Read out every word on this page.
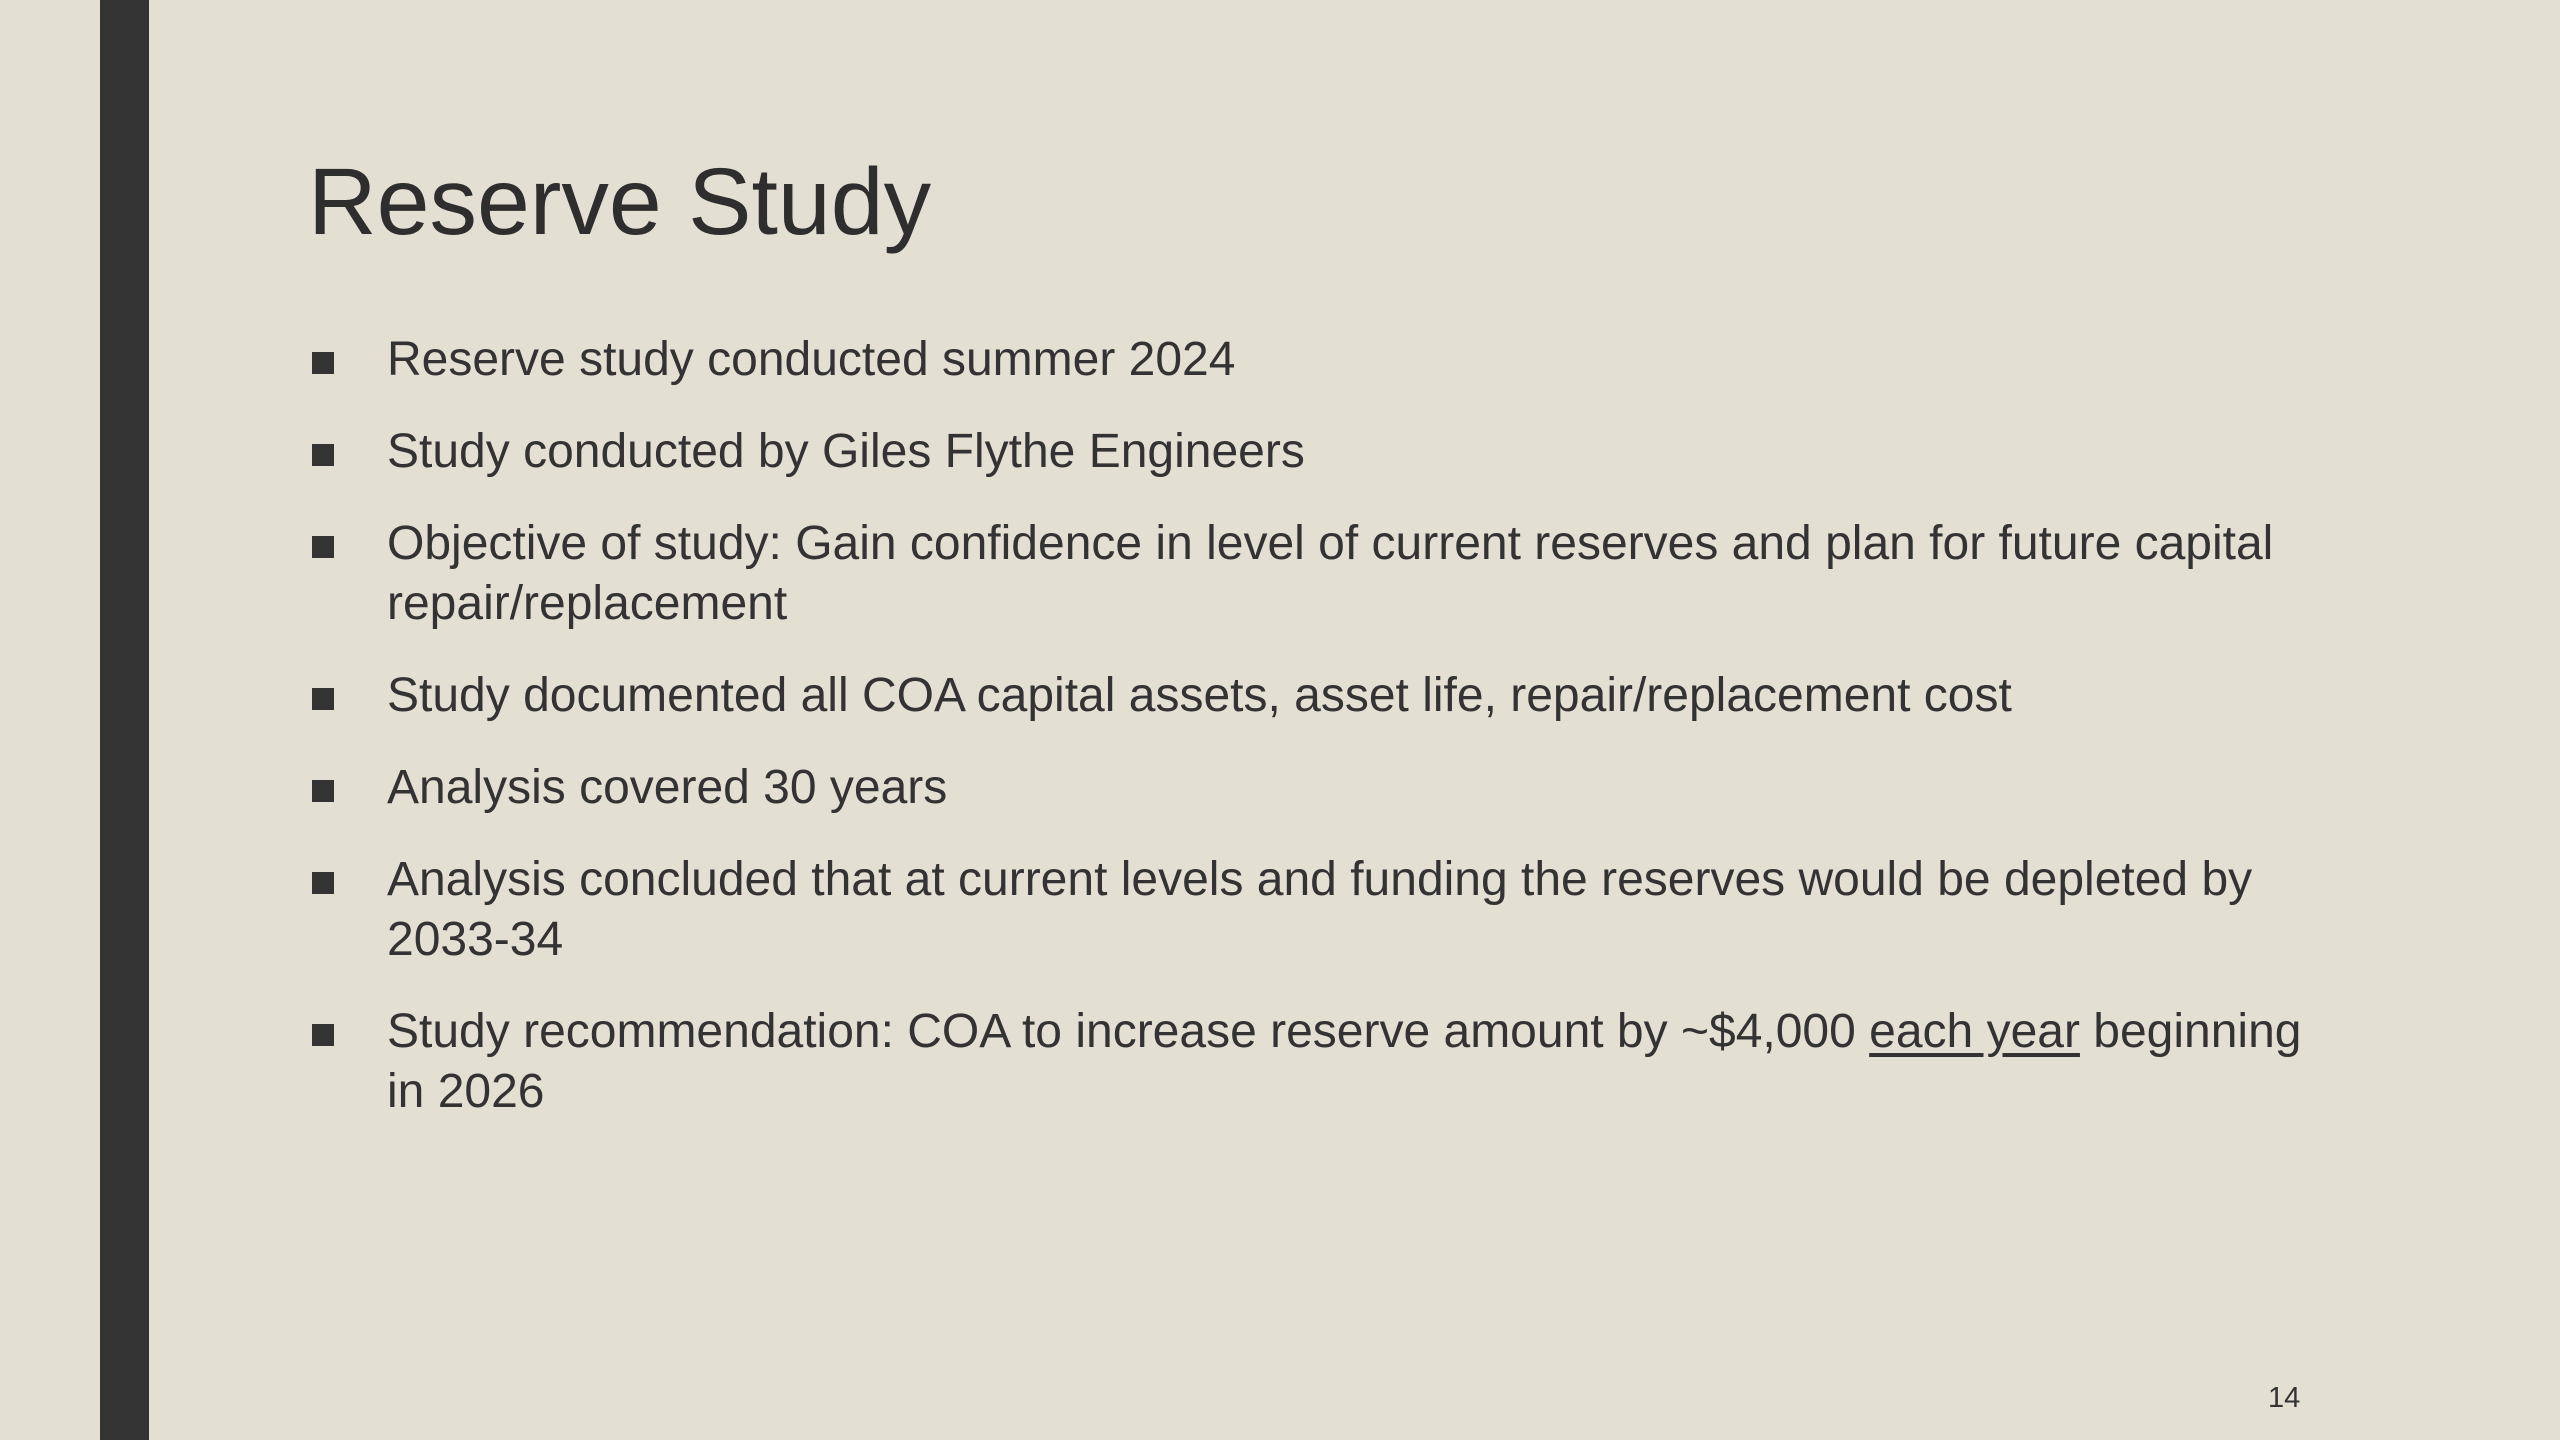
Reserve Study
Reserve study conducted summer 2024
Study conducted by Giles Flythe Engineers
Objective of study: Gain confidence in level of current reserves and plan for future capital repair/replacement
Study documented all COA capital assets, asset life, repair/replacement cost
Analysis covered 30 years
Analysis concluded that at current levels and funding the reserves would be depleted by 2033-34
Study recommendation: COA to increase reserve amount by ~$4,000 each year beginning in 2026
14
